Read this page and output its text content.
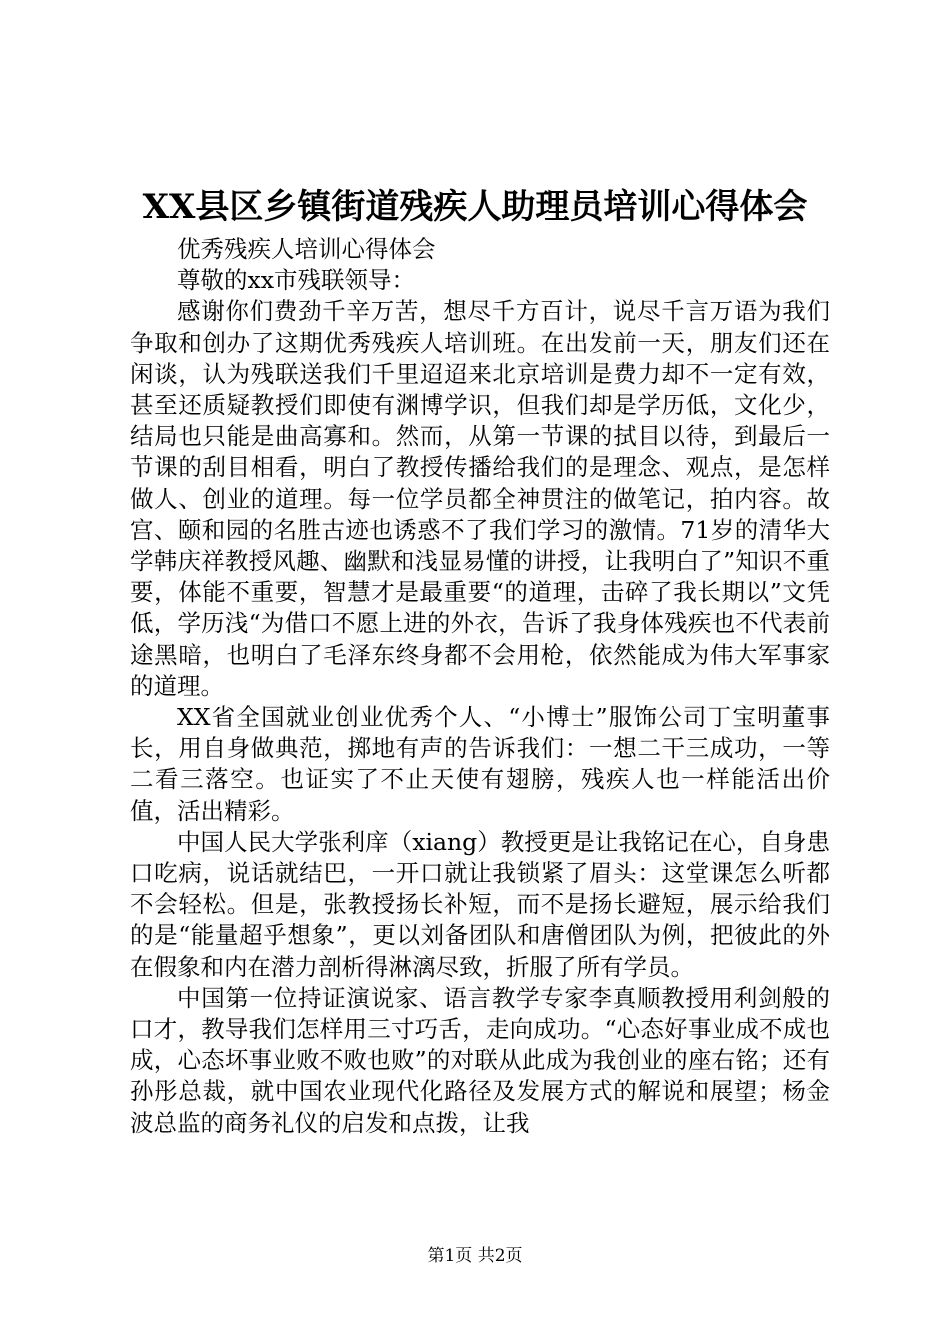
XX县区乡镇街道残疾人助理员培训心得体会

优秀残疾人培训心得体会

尊敬的xx市残联领导：

感谢你们费劲千辛万苦，想尽千方百计，说尽千言万语为我们争取和创办了这期优秀残疾人培训班。在出发前一天，朋友们还在闲谈，认为残联送我们千里迢迢来北京培训是费力却不一定有效，甚至还质疑教授们即使有渊博学识，但我们却是学历低，文化少，结局也只能是曲高寡和。然而，从第一节课的拭目以待，到最后一节课的刮目相看，明白了教授传播给我们的是理念、观点，是怎样做人、创业的道理。每一位学员都全神贯注的做笔记，拍内容。故宫、颐和园的名胜古迹也诱惑不了我们学习的激情。71岁的清华大学韩庆祥教授风趣、幽默和浅显易懂的讲授，让我明白了”知识不重要，体能不重要，智慧才是最重要“的道理，击碎了我长期以”文凭低，学历浅“为借口不愿上进的外衣，告诉了我身体残疾也不代表前途黑暗，也明白了毛泽东终身都不会用枪，依然能成为伟大军事家的道理。

XX省全国就业创业优秀个人、“小博士”服饰公司丁宝明董事长，用自身做典范，掷地有声的告诉我们：一想二干三成功，一等二看三落空。也证实了不止天使有翅膀，残疾人也一样能活出价值，活出精彩。

中国人民大学张利庠（xiang）教授更是让我铭记在心，自身患口吃病，说话就结巴，一开口就让我锁紧了眉头：这堂课怎么听都不会轻松。但是，张教授扬长补短，而不是扬长避短，展示给我们的是“能量超乎想象”，更以刘备团队和唐僧团队为例，把彼此的外在假象和内在潜力剖析得淋漓尽致，折服了所有学员。

中国第一位持证演说家、语言教学专家李真顺教授用利剑般的口才，教导我们怎样用三寸巧舌，走向成功。“心态好事业成不成也成，心态坏事业败不败也败”的对联从此成为我创业的座右铭；还有孙彤总裁，就中国农业现代化路径及发展方式的解说和展望；杨金波总监的商务礼仪的启发和点拨，让我

第1页 共2页
